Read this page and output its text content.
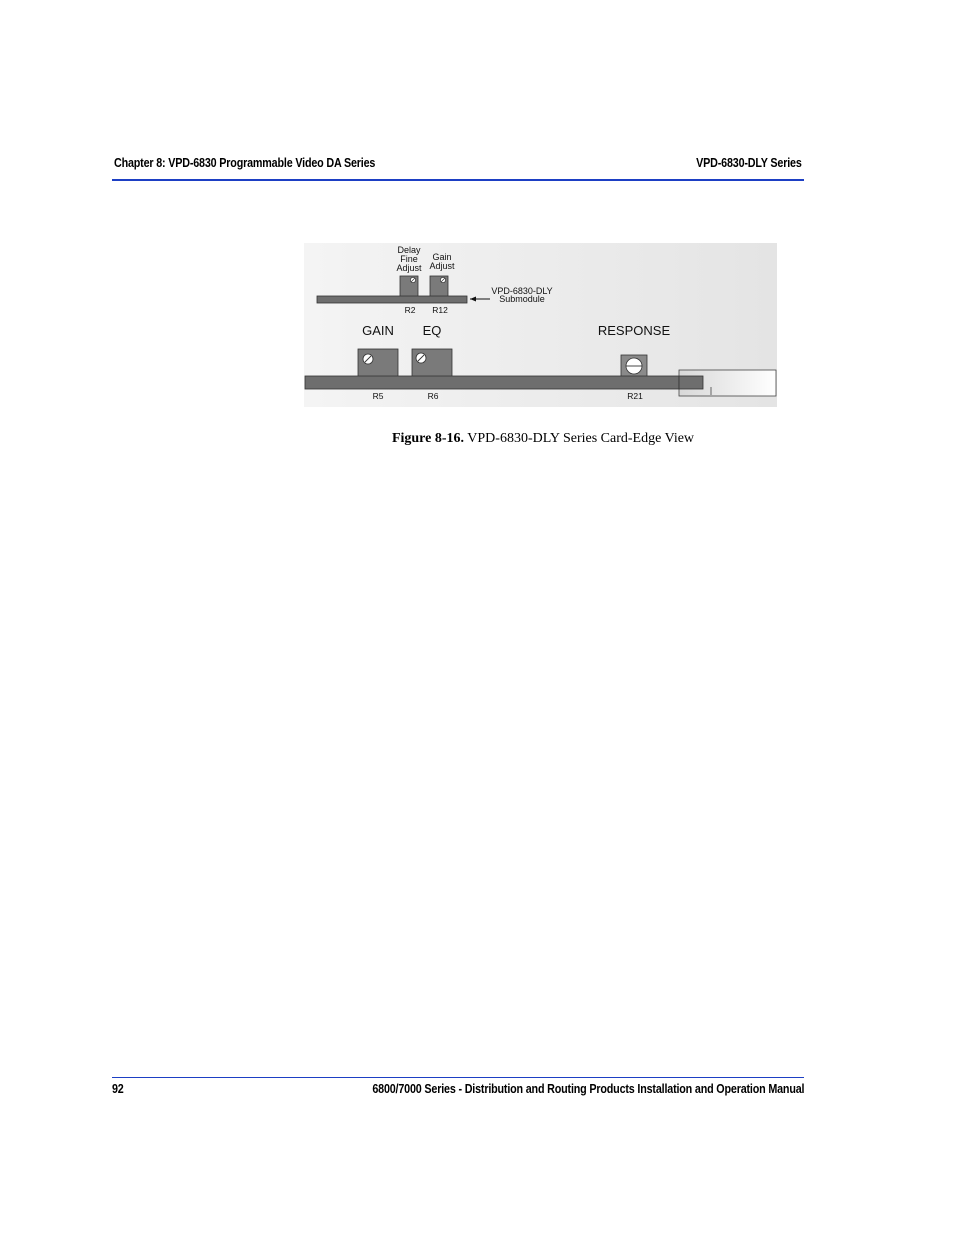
Chapter 8: VPD-6830 Programmable Video DA Series	VPD-6830-DLY Series
Delay
Fine
Adjust
Gain
Adjust
VPD-6830-DLY
Submodule
R2 R12
GAIN EQ	RESPONSE
R5	R6	R21
Figure 8-16. VPD-6830-DLY Series Card-Edge View
92	6800/7000 Series - Distribution and Routing Products Installation and Operation Manual
